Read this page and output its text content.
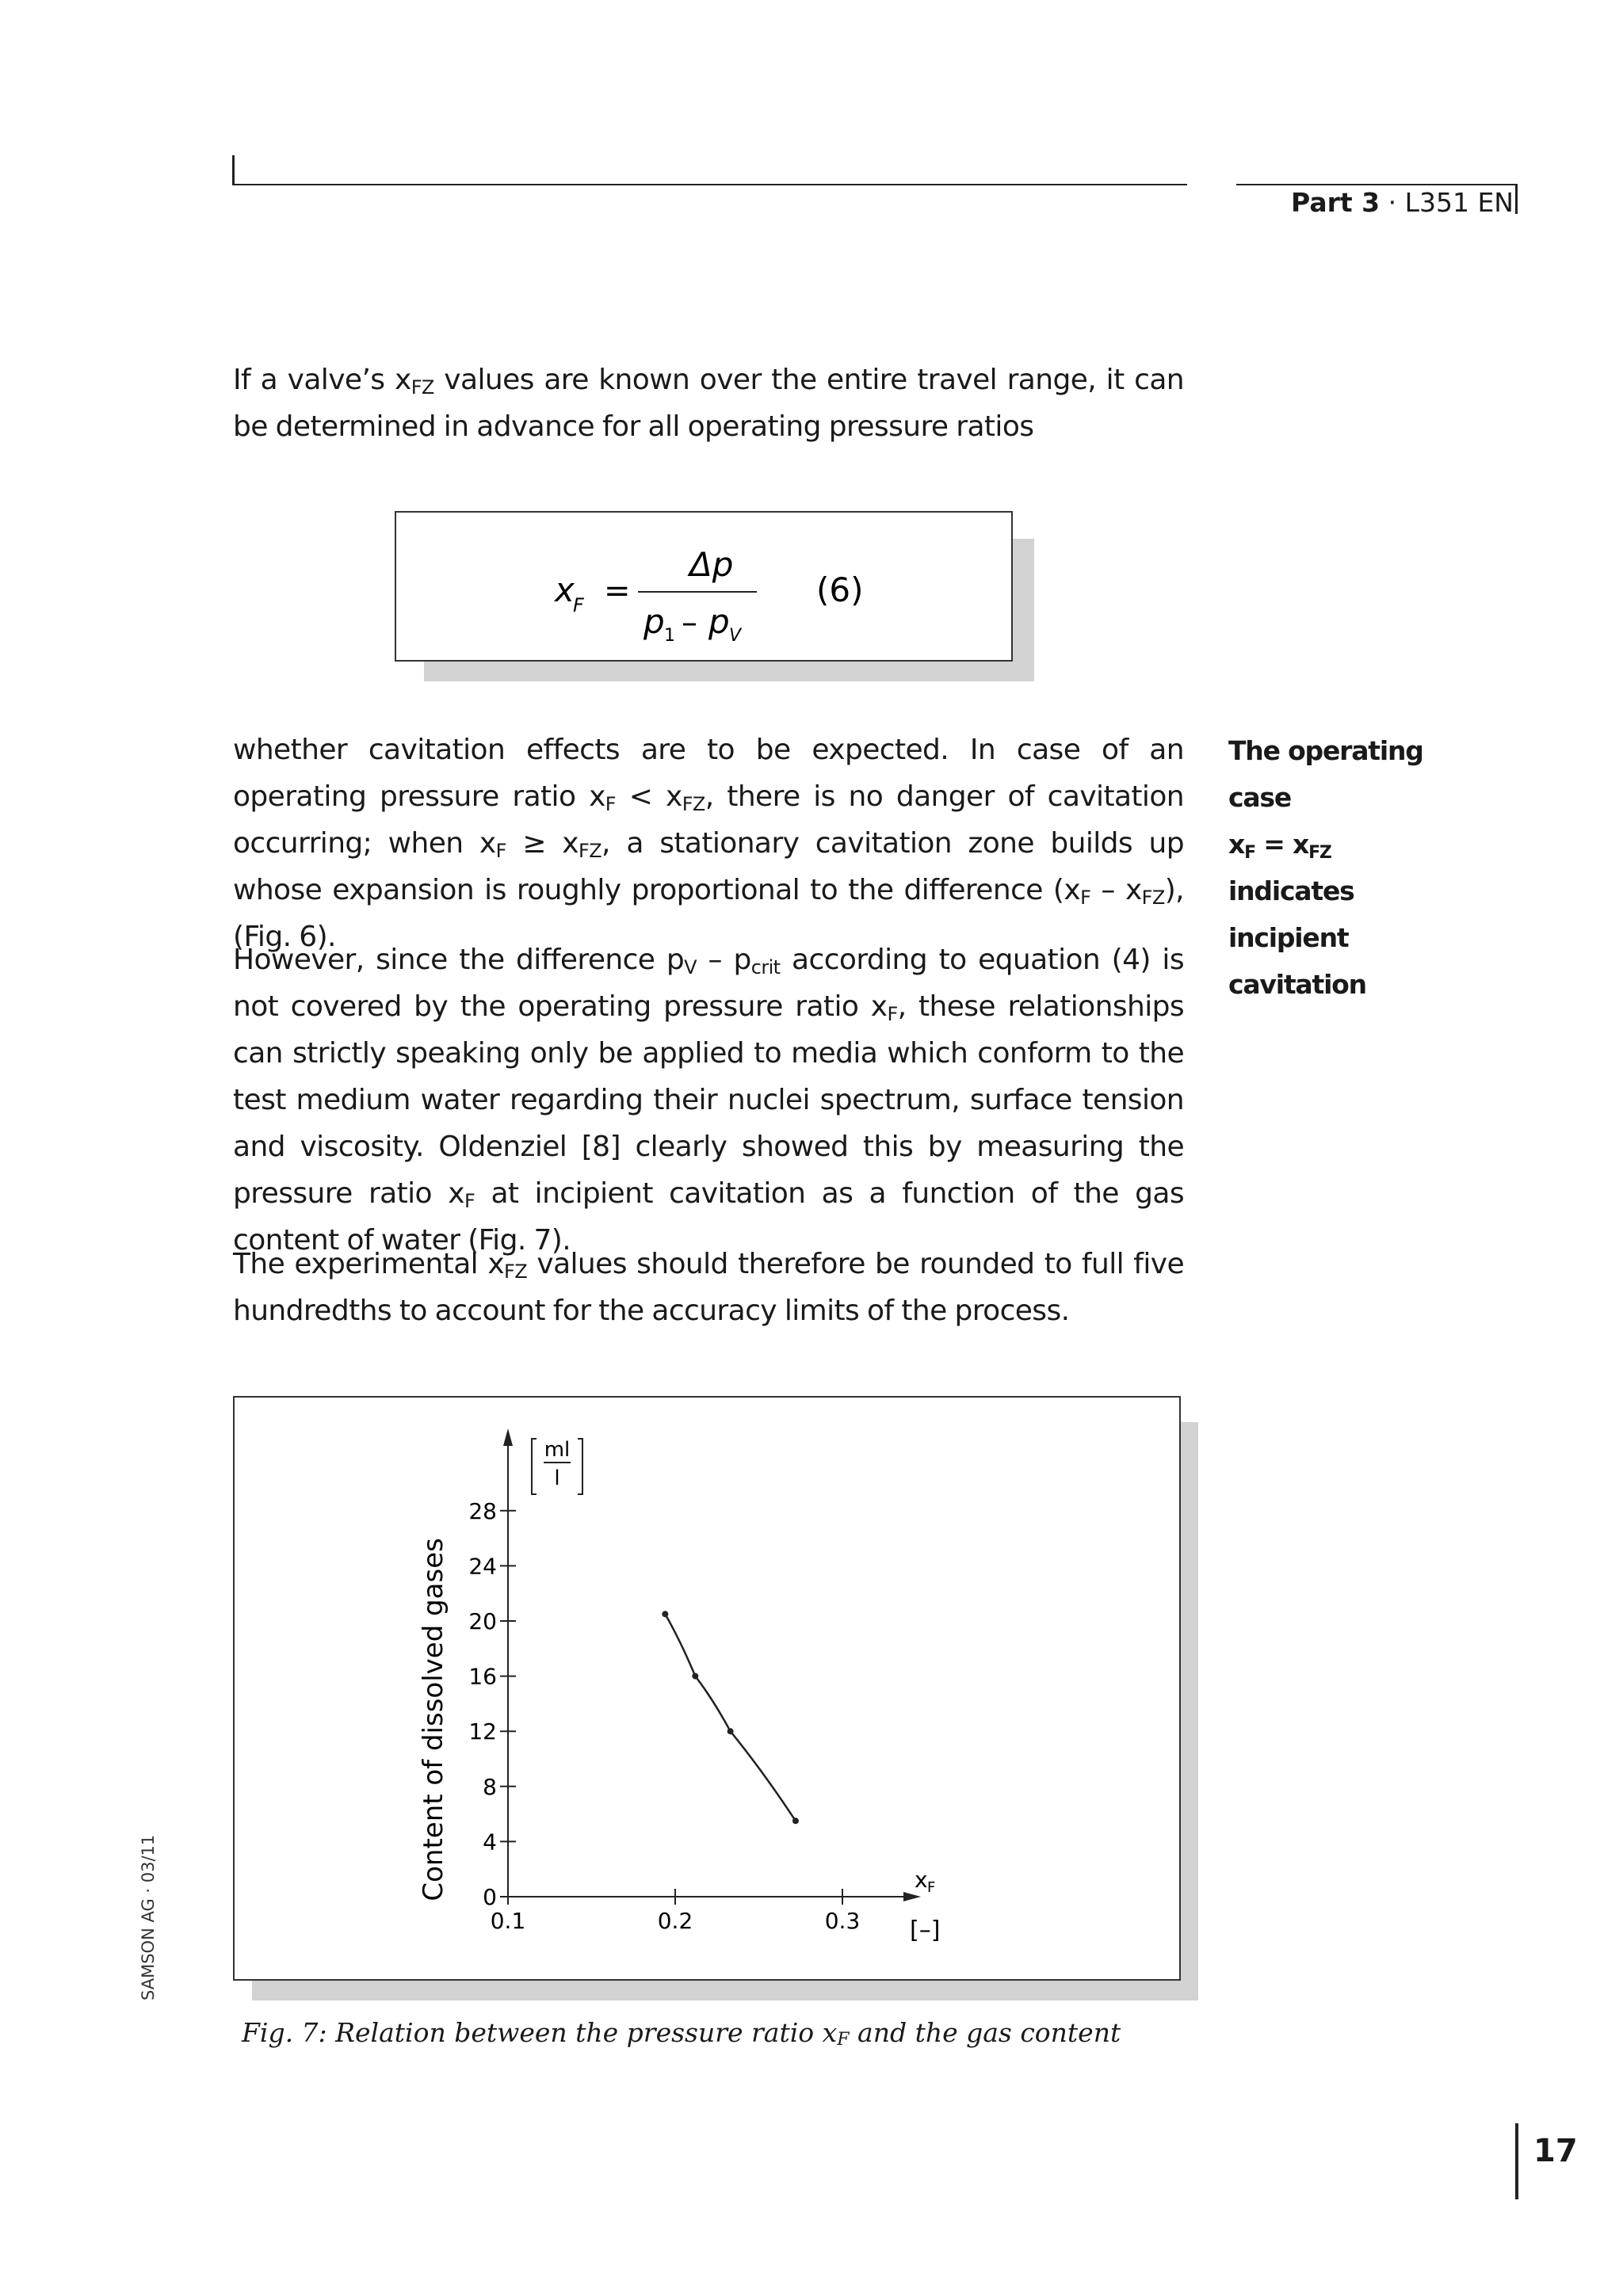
Part 3 · L351 EN
If a valve’s $x_{FZ}$ values are known over the entire travel range, it can be determined in advance for all operating pressure ratios
x
F =
Δp
p 1 – p V
(6)
whether cavitation effects are to be expected. In case of an operating pressure ratio $x_F < x_{FZ}$, there is no danger of cavitation occurring; when $x_F \ge x_{FZ}$, a stationary cavitation zone builds up whose expansion is roughly proportional to the difference $(x_F - x_{FZ})$, (Fig. 6).
The operating case
$x_F = x_{FZ}$ indicates
incipient cavitation
However, since the difference $p_V - p_{crit}$ according to equation (4) is not covered by the operating pressure ratio $x_F$, these relationships can strictly speaking only be applied to media which conform to the test medium water regarding their nuclei spectrum, surface tension and viscosity. Oldenziel [8] clearly showed this by measuring the pressure ratio $x_F$ at incipient cavitation as a function of the gas content of water (Fig. 7).
The experimental $x_{FZ}$ values should therefore be rounded to full five hundredths to account for the accuracy limits of the process.
0
4
8
12
16
20
24
28
0.1	0.2	0.3
Content of dissolved gases
ml
l
x F
[–]
Fig. 7: Relation between the pressure ratio $x_F$ and the gas content
SAMSON AG · 03/11
17
